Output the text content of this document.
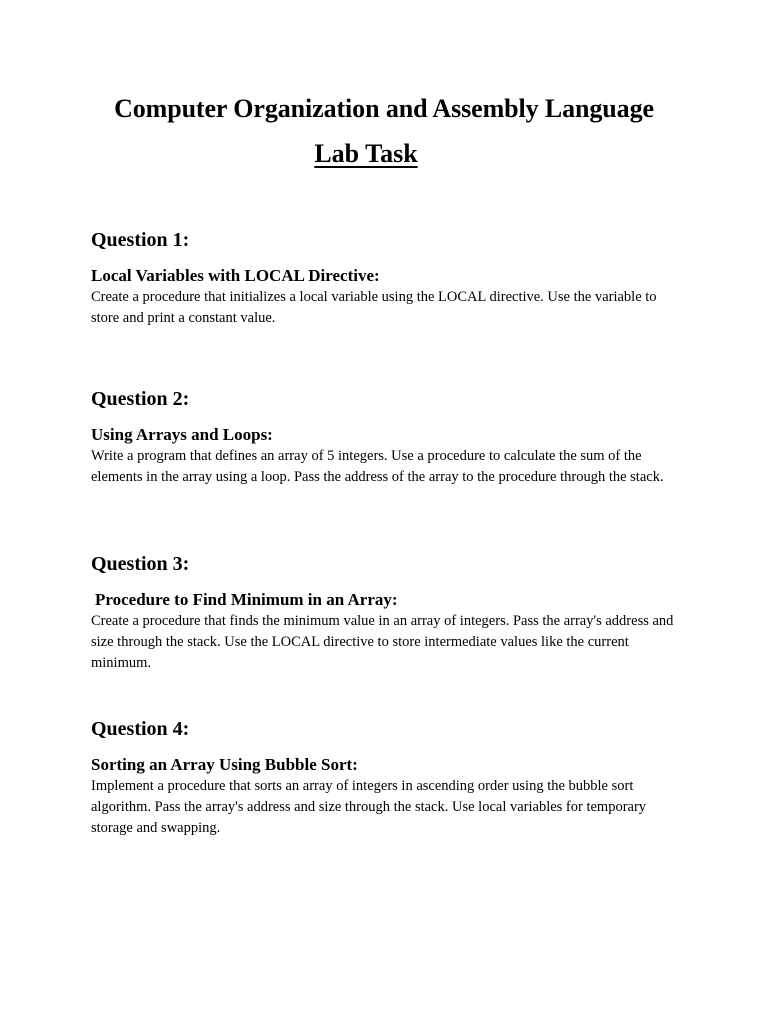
Computer Organization and Assembly Language
Lab Task
Question 1:
Local Variables with LOCAL Directive:

Create a procedure that initializes a local variable using the LOCAL directive. Use the variable to store and print a constant value.

Question 2:
Using Arrays and Loops:

Write a program that defines an array of 5 integers. Use a procedure to calculate the sum of the elements in the array using a loop. Pass the address of the array to the procedure through the stack.

Question 3:
Procedure to Find Minimum in an Array:

Create a procedure that finds the minimum value in an array of integers. Pass the array's address and size through the stack. Use the LOCAL directive to store intermediate values like the current minimum.

Question 4:
Sorting an Array Using Bubble Sort:

Implement a procedure that sorts an array of integers in ascending order using the bubble sort algorithm. Pass the array's address and size through the stack. Use local variables for temporary storage and swapping.
